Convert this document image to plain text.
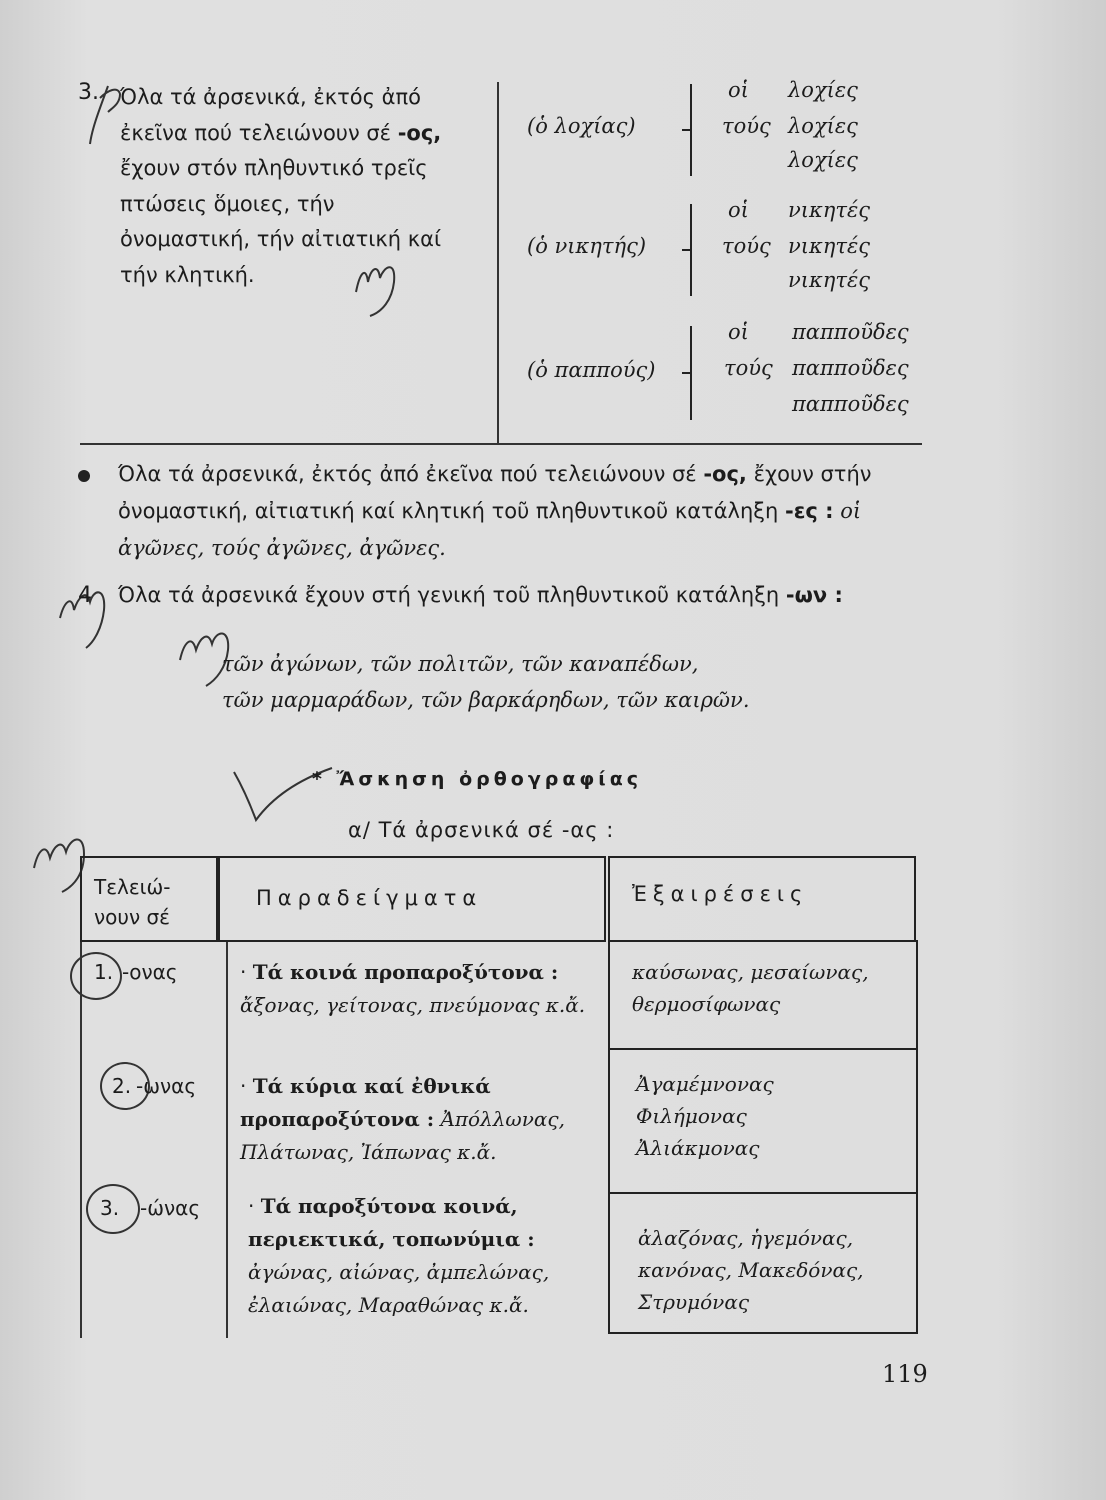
3. Όλα τά ἀρσενικά, ἐκτός ἀπό ἐκεῖνα πού τελειώνουν σέ -ος, ἔχουν στόν πληθυντικό τρεῖς πτώσεις ὅμοιες, τήν ὀνομαστική, τήν αἰτιατική καί τήν κλητική.
(ὁ λοχίας)
οἱ λοχίες
τούς λοχίες
λοχίες
(ὁ νικητής)
οἱ νικητές
τούς νικητές
νικητές
(ὁ παππούς)
οἱ παπποῦδες
τούς παπποῦδες
παπποῦδες
Όλα τά ἀρσενικά, ἐκτός ἀπό ἐκεῖνα πού τελειώνουν σέ -ος, ἔχουν στήν ὀνομαστική, αἰτιατική καί κλητική τοῦ πληθυντικοῦ κατάληξη -ες : οἱ ἀγῶνες, τούς ἀγῶνες, ἀγῶνες.
4 Όλα τά ἀρσενικά ἔχουν στή γενική τοῦ πληθυντικοῦ κατάληξη -ων :
τῶν ἀγώνων, τῶν πολιτῶν, τῶν καναπέδων,
τῶν μαρμαράδων, τῶν βαρκάρηδων, τῶν καιρῶν.
* Ἄσκηση ὀρθογραφίας
α/ Τά ἀρσενικά σέ -ας :
Τελειώ-νουν σέ
Παραδείγματα	Ἐξαιρέσεις
1. -ονας	· Τά κοινά προπαροξύτονα :
ἄξονας, γείτονας, πνεύμονας κ.ἄ.
καύσωνας, μεσαίωνας, θερμοσίφωνας
2. -ωνας · Τά κύρια καί ἐθνικά προπαροξύτονα : Ἀπόλλωνας, Πλάτωνας, Ἰάπωνας κ.ἄ.
Ἀγαμέμνονας Φιλήμονας Ἀλιάκμονας
3. -ώνας · Τά παροξύτονα κοινά, περιεκτικά, τοπωνύμια : ἀγώνας, αἰώνας, ἀμπελώνας, ἐλαιώνας, Μαραθώνας κ.ἄ.
ἀλαζόνας, ἡγεμόνας, κανόνας, Μακεδόνας, Στρυμόνας
119
